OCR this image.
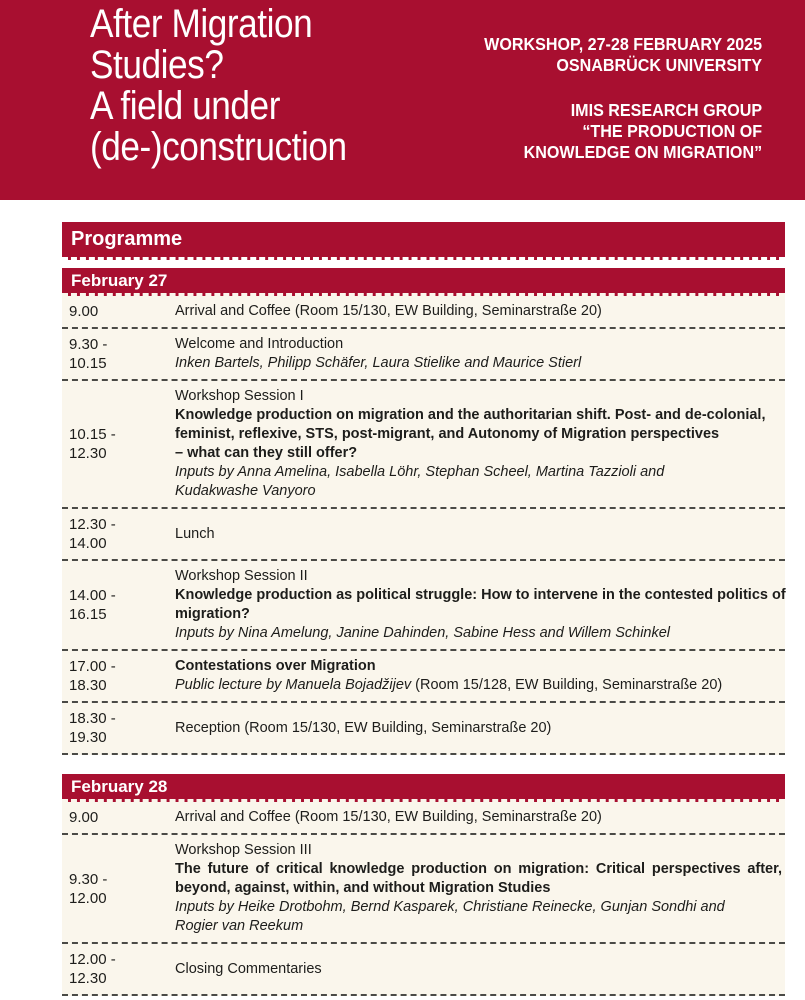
After Migration
Studies?
A field under
(de-)construction
WORKSHOP, 27-28 FEBRUARY 2025
OSNABRÜCK UNIVERSITY
IMIS RESEARCH GROUP
“THE PRODUCTION OF
KNOWLEDGE ON MIGRATION”
Programme
February 27
9.00	Arrival and Coffee (Room 15/130, EW Building, Seminarstraße 20)
9.30 -
10.15
Welcome and Introduction
Inken Bartels, Philipp Schäfer, Laura Stielike and Maurice Stierl
10.15 -
12.30
Workshop Session I
Knowledge production on migration and the authoritarian shift. Post- and de-colonial,
feminist, reflexive, STS, post-migrant, and Autonomy of Migration perspectives
– what can they still offer?
Inputs by Anna Amelina, Isabella Löhr, Stephan Scheel, Martina Tazzioli and
Kudakwashe Vanyoro
12.30 -
14.00
Lunch
14.00 -
16.15
Workshop Session II
Knowledge production as political struggle: How to intervene in the contested politics of
migration?
Inputs by Nina Amelung, Janine Dahinden, Sabine Hess and Willem Schinkel
17.00 -
18.30
Contestations over Migration
Public lecture by Manuela Bojadžijev (Room 15/128, EW Building, Seminarstraße 20)
18.30 -
19.30
Reception (Room 15/130, EW Building, Seminarstraße 20)
February 28
9.00	Arrival and Coffee (Room 15/130, EW Building, Seminarstraße 20)
9.30 -
12.00
Workshop Session III
The future of critical knowledge production on migration: Critical perspectives after,
beyond, against, within, and without Migration Studies
Inputs by Heike Drotbohm, Bernd Kasparek, Christiane Reinecke, Gunjan Sondhi and
Rogier van Reekum
12.00 -
12.30
Closing Commentaries
